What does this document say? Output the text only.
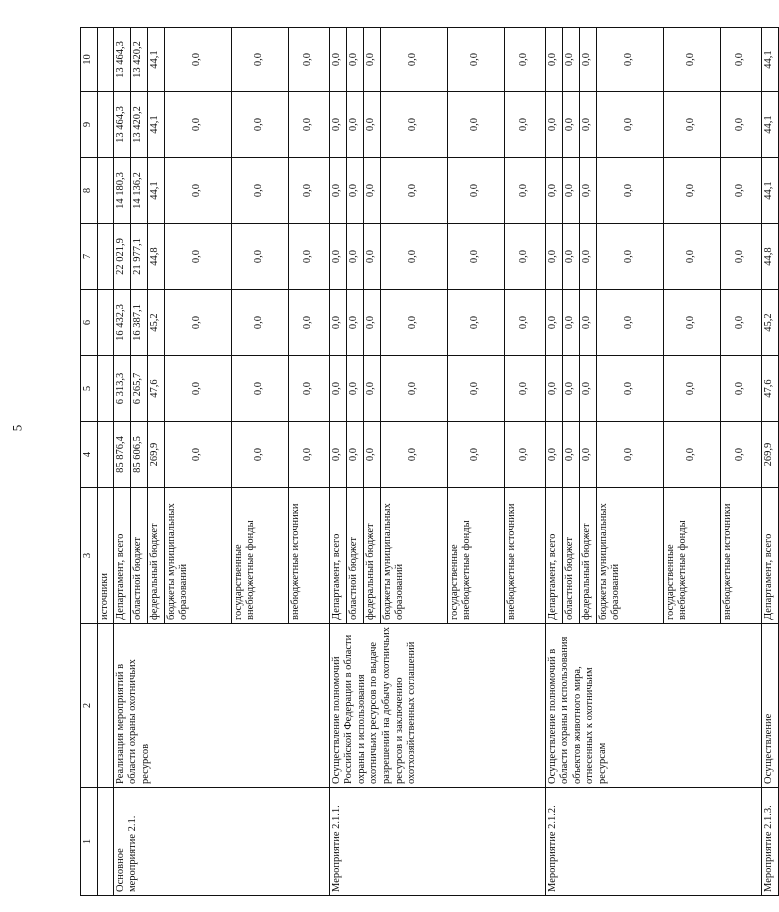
5
1	2	3	4	5	6	7	8	9	10
		источники							
Основное мероприятие 2.1.	Реализация мероприятий в области охраны охотничьих ресурсов	Департамент, всего	85 876,4	6 313,3	16 432,3	22 021,9	14 180,3	13 464,3	13 464,3
		областной бюджет	85 606,5	6 265,7	16 387,1	21 977,1	14 136,2	13 420,2	13 420,2
		федеральный бюджет	269,9	47,6	45,2	44,8	44,1	44,1	44,1
		бюджеты муниципальных образований	0,0	0,0	0,0	0,0	0,0	0,0	0,0
		государственные внебюджетные фонды	0,0	0,0	0,0	0,0	0,0	0,0	0,0
		внебюджетные источники	0,0	0,0	0,0	0,0	0,0	0,0	0,0
Мероприятие 2.1.1.	Осуществление полномочий Российской Федерации в области охраны и использования охотничьих ресурсов по выдаче разрешений на добычу охотничьих ресурсов и заключению охотхозяйственных соглашений	Департамент, всего	0,0	0,0	0,0	0,0	0,0	0,0	0,0
		областной бюджет	0,0	0,0	0,0	0,0	0,0	0,0	0,0
		федеральный бюджет	0,0	0,0	0,0	0,0	0,0	0,0	0,0
		бюджеты муниципальных образований	0,0	0,0	0,0	0,0	0,0	0,0	0,0
		государственные внебюджетные фонды	0,0	0,0	0,0	0,0	0,0	0,0	0,0
		внебюджетные источники	0,0	0,0	0,0	0,0	0,0	0,0	0,0
Мероприятие 2.1.2.	Осуществление полномочий в области охраны и использования объектов животного мира, отнесенных к охотничьим ресурсам	Департамент, всего	0,0	0,0	0,0	0,0	0,0	0,0	0,0
		областной бюджет	0,0	0,0	0,0	0,0	0,0	0,0	0,0
		федеральный бюджет	0,0	0,0	0,0	0,0	0,0	0,0	0,0
		бюджеты муниципальных образований	0,0	0,0	0,0	0,0	0,0	0,0	0,0
		государственные внебюджетные фонды	0,0	0,0	0,0	0,0	0,0	0,0	0,0
		внебюджетные источники	0,0	0,0	0,0	0,0	0,0	0,0	0,0
Мероприятие 2.1.3.	Осуществление	Департамент, всего	269,9	47,6	45,2	44,8	44,1	44,1	44,1
